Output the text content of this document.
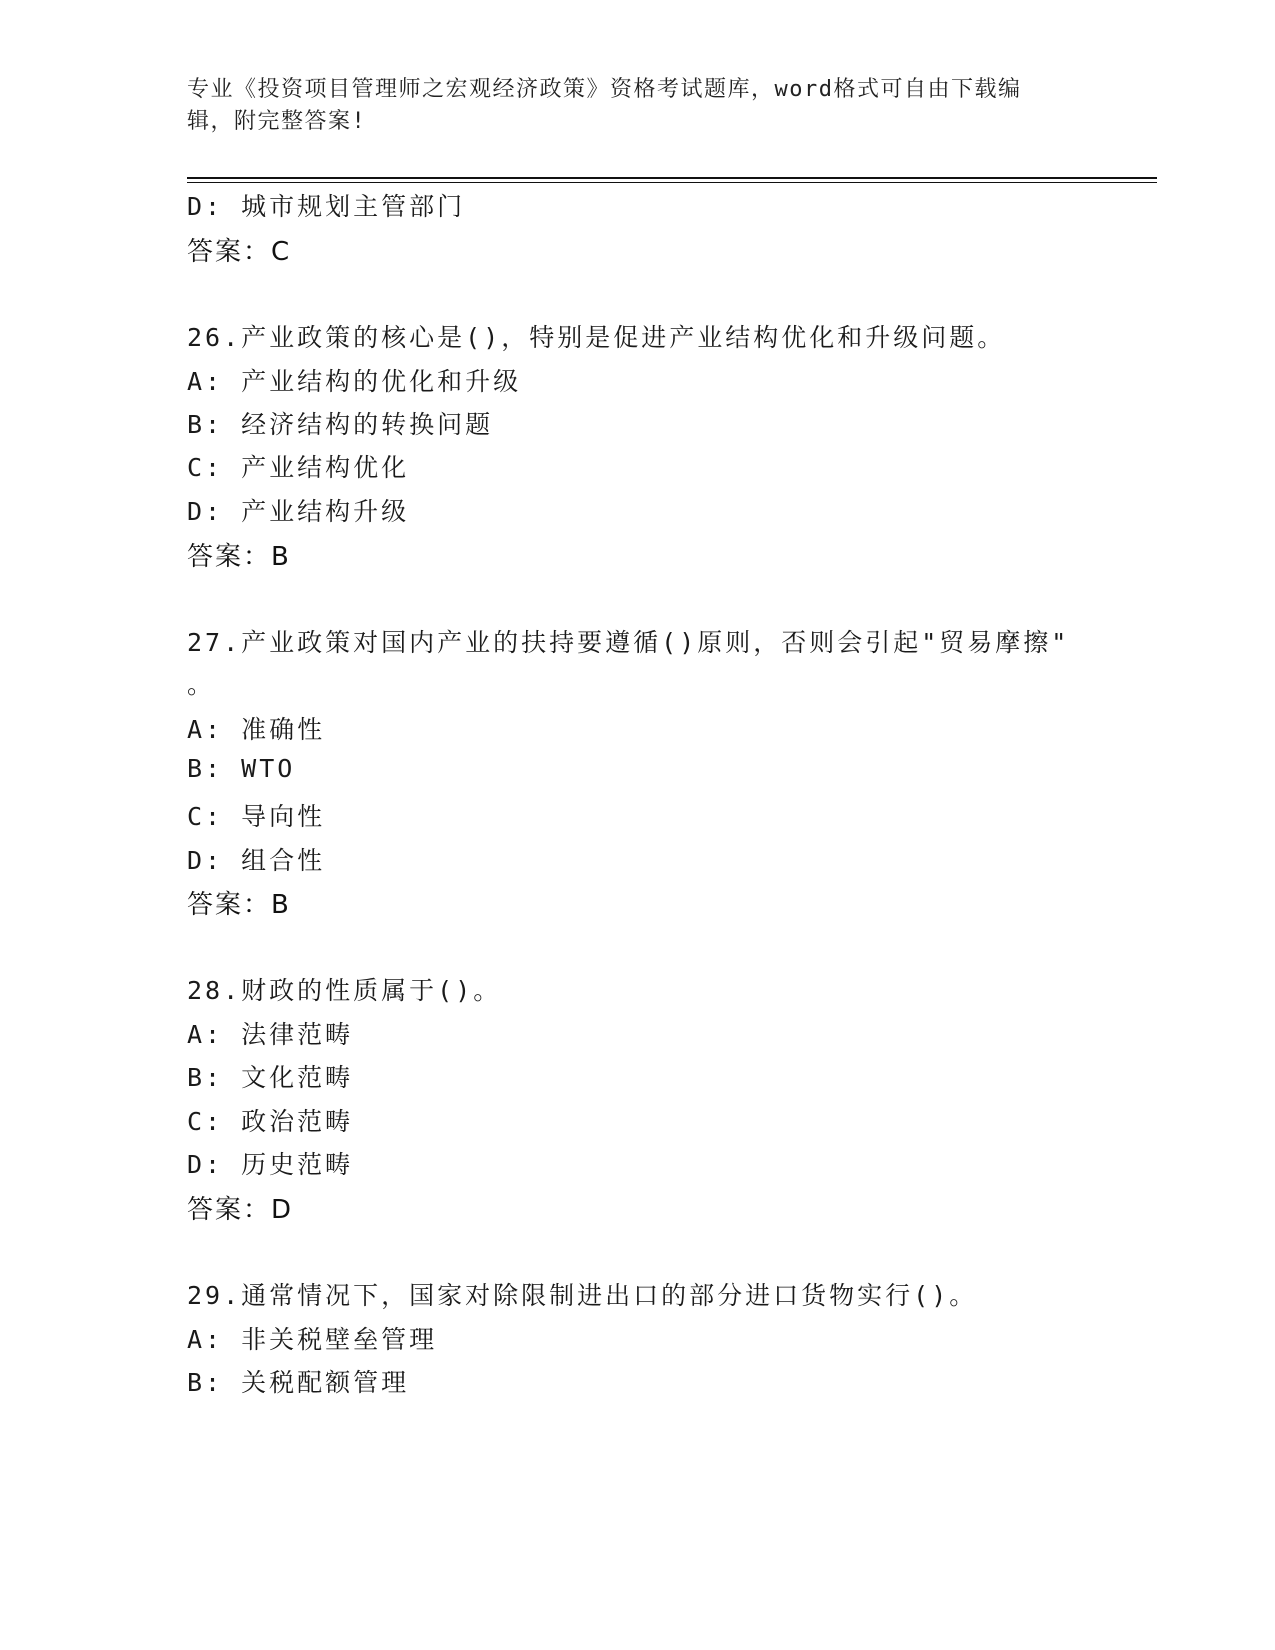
专业《投资项目管理师之宏观经济政策》资格考试题库，word格式可自由下载编
辑，附完整答案!
D: 城市规划主管部门
答案：C
26.产业政策的核心是()，特别是促进产业结构优化和升级问题。
A: 产业结构的优化和升级
B: 经济结构的转换问题
C: 产业结构优化
D: 产业结构升级
答案：B
27.产业政策对国内产业的扶持要遵循()原则，否则会引起"贸易摩擦"
。
A: 准确性
B: WTO
C: 导向性
D: 组合性
答案：B
28.财政的性质属于()。
A: 法律范畴
B: 文化范畴
C: 政治范畴
D: 历史范畴
答案：D
29.通常情况下，国家对除限制进出口的部分进口货物实行()。
A: 非关税壁垒管理
B: 关税配额管理
